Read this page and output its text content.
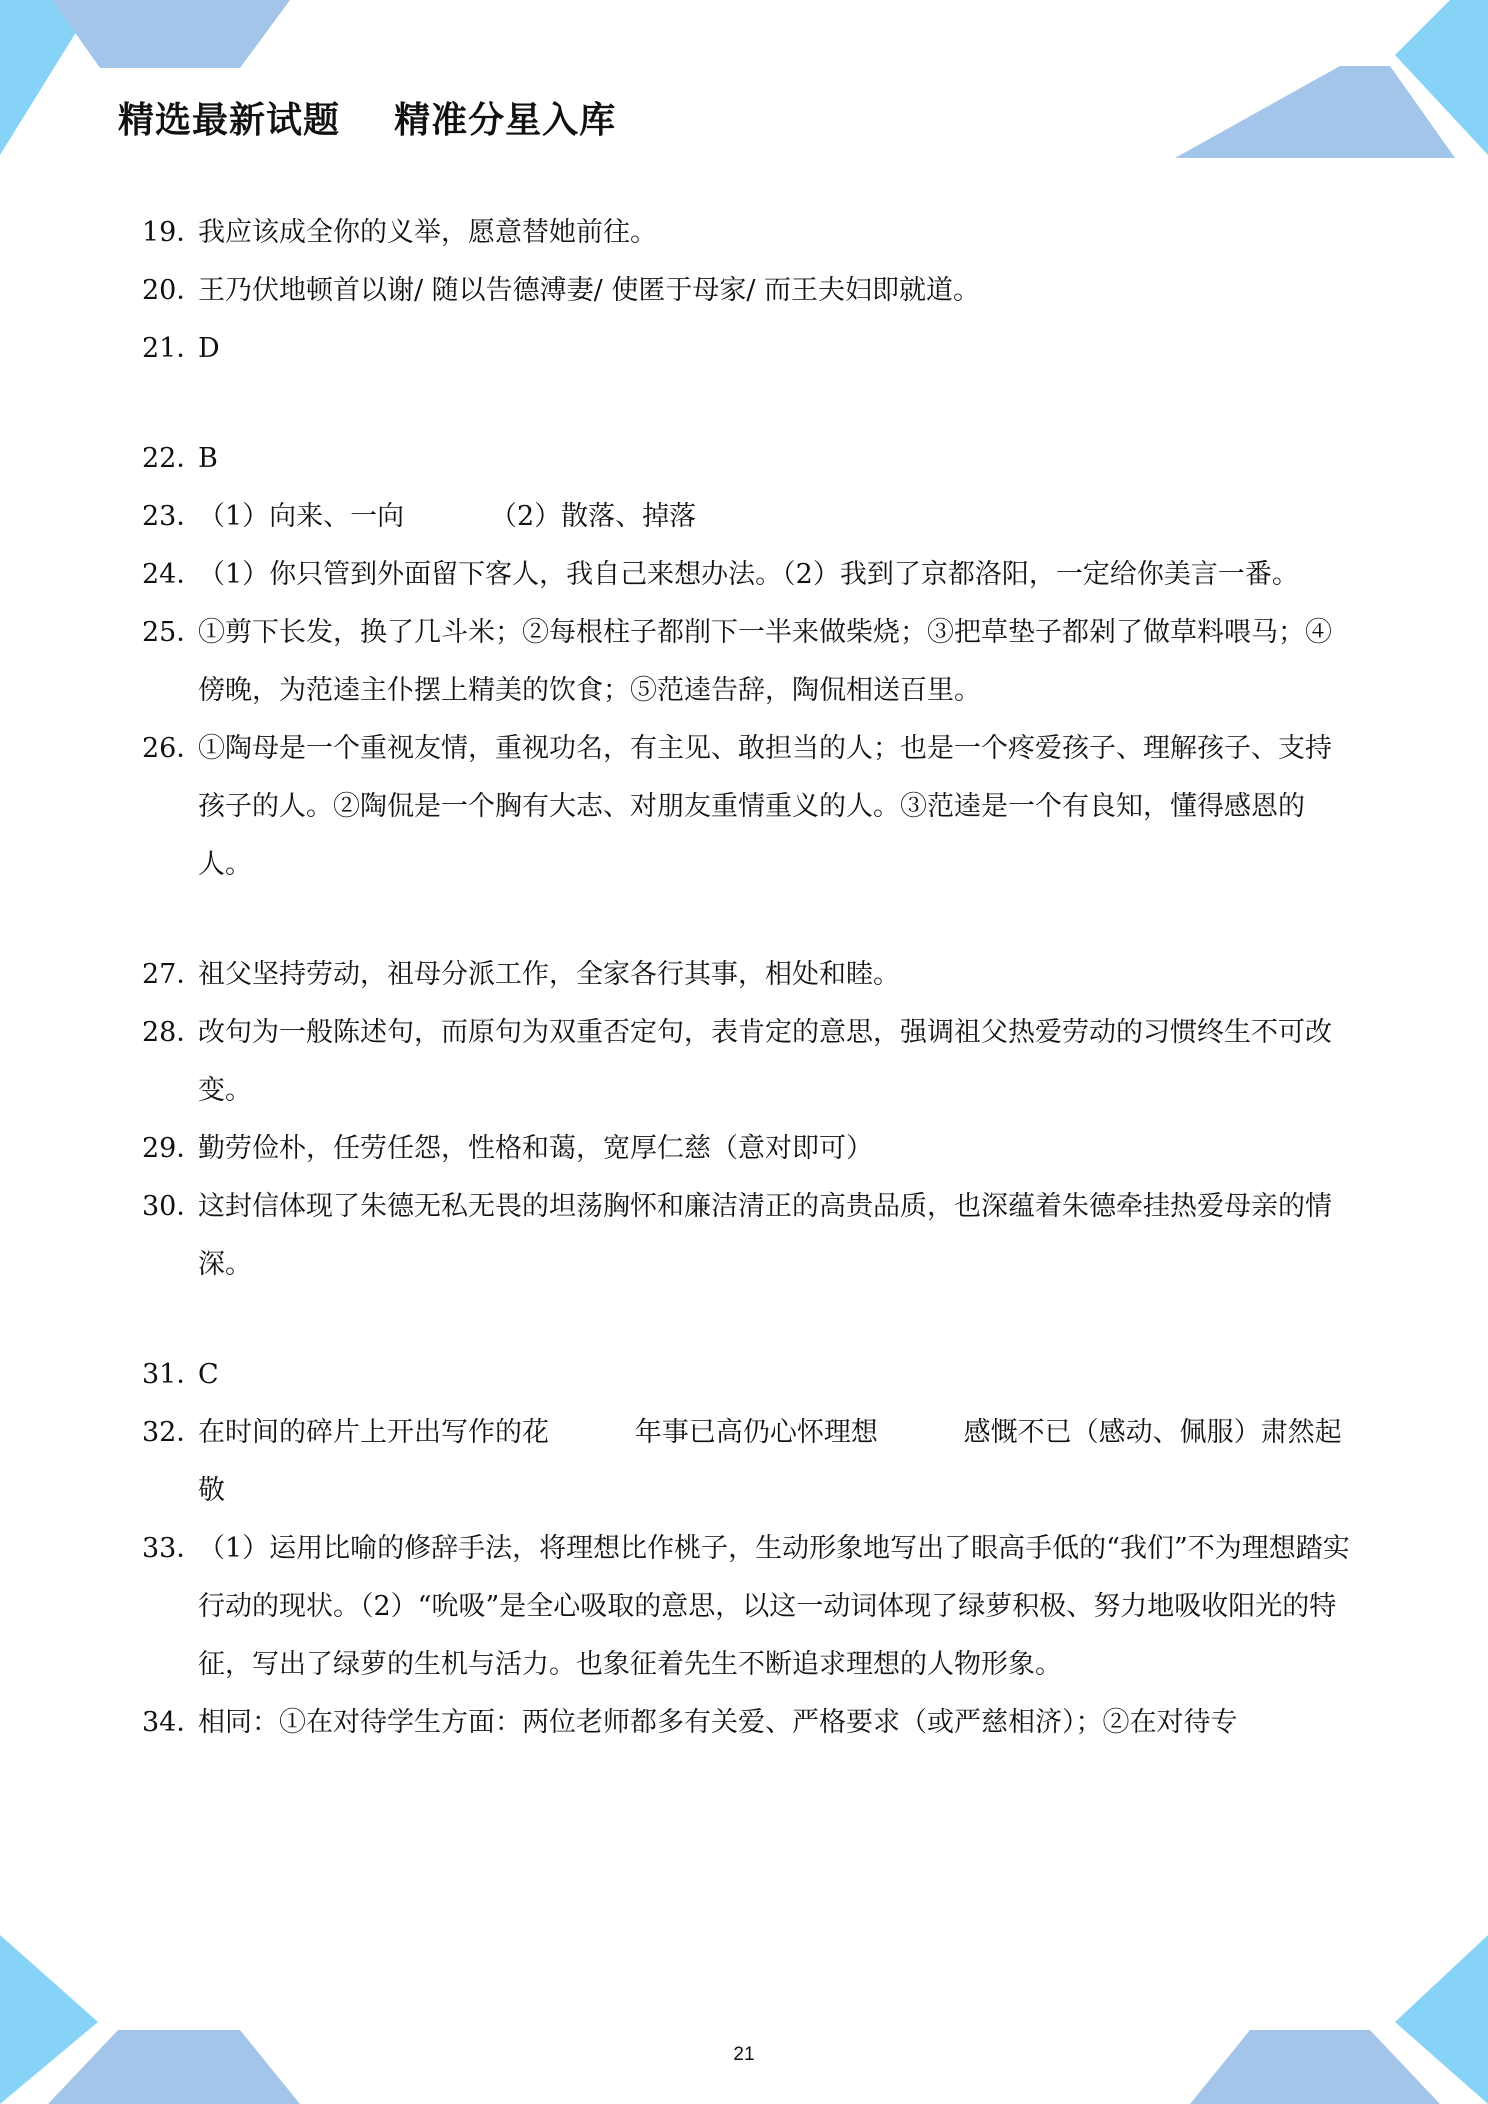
精选最新试题    精准分星入库
19．
我应该成全你的义举，愿意替她前往。
20．
王乃伏地顿首以谢/ 随以告德溥妻/ 使匿于母家/ 而王夫妇即就道。
21．
D
22．
B
23．
（1）向来、一向          （2）散落、掉落
24．
（1）你只管到外面留下客人，我自己来想办法。（2）我到了京都洛阳，一定给你美言一番。
25．
①剪下长发，换了几斗米；②每根柱子都削下一半来做柴烧；③把草垫子都剁了做草料喂马；④傍晚，为范逵主仆摆上精美的饮食；⑤范逵告辞，陶侃相送百里。
26．
①陶母是一个重视友情，重视功名，有主见、敢担当的人；也是一个疼爱孩子、理解孩子、支持孩子的人。②陶侃是一个胸有大志、对朋友重情重义的人。③范逵是一个有良知，懂得感恩的人。
27．
祖父坚持劳动，祖母分派工作，全家各行其事，相处和睦。
28．
改句为一般陈述句，而原句为双重否定句，表肯定的意思，强调祖父热爱劳动的习惯终生不可改变。
29．
勤劳俭朴，任劳任怨，性格和蔼，宽厚仁慈（意对即可）
30．
这封信体现了朱德无私无畏的坦荡胸怀和廉洁清正的高贵品质，也深蕴着朱德牵挂热爱母亲的情深。
31．
C
32．
在时间的碎片上开出写作的花          年事已高仍心怀理想          感慨不已（感动、佩服）肃然起敬
33．
（1）运用比喻的修辞手法，将理想比作桃子，生动形象地写出了眼高手低的“我们”不为理想踏实行动的现状。（2）“吮吸”是全心吸取的意思，以这一动词体现了绿萝积极、努力地吸收阳光的特征，写出了绿萝的生机与活力。也象征着先生不断追求理想的人物形象。
34．
相同：①在对待学生方面：两位老师都多有关爱、严格要求（或严慈相济）；②在对待专
21
